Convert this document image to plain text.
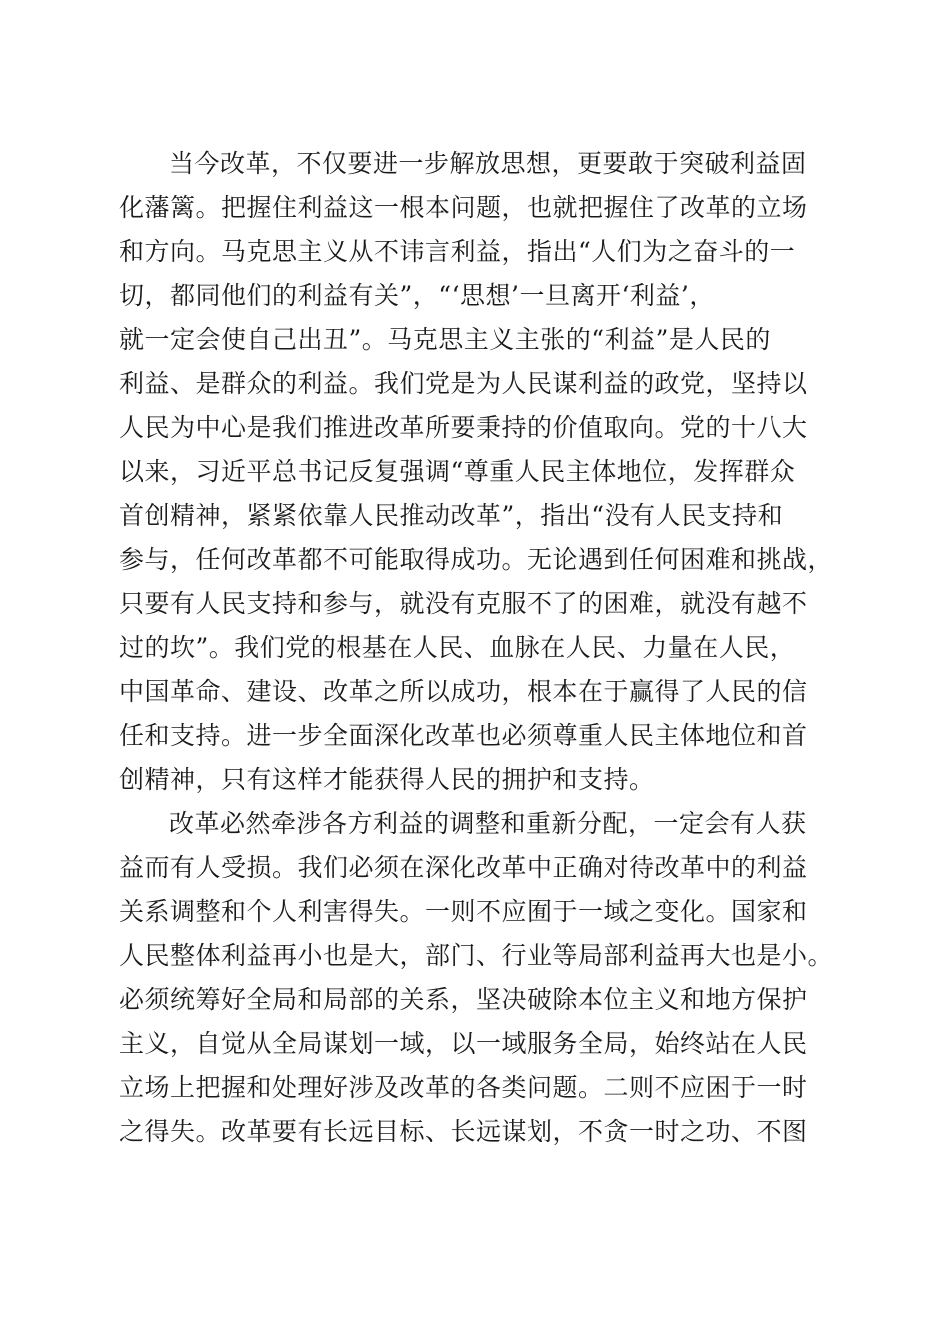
当今改革，不仅要进一步解放思想，更要敢于突破利益固
化藩篱。把握住利益这一根本问题，也就把握住了改革的立场
和方向。马克思主义从不讳言利益，指出“人们为之奋斗的一
切，都同他们的利益有关”，“‘思想’一旦离开‘利益’，
就一定会使自己出丑”。马克思主义主张的“利益”是人民的
利益、是群众的利益。我们党是为人民谋利益的政党，坚持以
人民为中心是我们推进改革所要秉持的价值取向。党的十八大
以来，习近平总书记反复强调“尊重人民主体地位，发挥群众
首创精神，紧紧依靠人民推动改革”，指出“没有人民支持和
参与，任何改革都不可能取得成功。无论遇到任何困难和挑战，
只要有人民支持和参与，就没有克服不了的困难，就没有越不
过的坎”。我们党的根基在人民、血脉在人民、力量在人民，
中国革命、建设、改革之所以成功，根本在于赢得了人民的信
任和支持。进一步全面深化改革也必须尊重人民主体地位和首
创精神，只有这样才能获得人民的拥护和支持。
改革必然牵涉各方利益的调整和重新分配，一定会有人获
益而有人受损。我们必须在深化改革中正确对待改革中的利益
关系调整和个人利害得失。一则不应囿于一域之变化。国家和
人民整体利益再小也是大，部门、行业等局部利益再大也是小。
必须统筹好全局和局部的关系，坚决破除本位主义和地方保护
主义，自觉从全局谋划一域，以一域服务全局，始终站在人民
立场上把握和处理好涉及改革的各类问题。二则不应困于一时
之得失。改革要有长远目标、长远谋划，不贪一时之功、不图
